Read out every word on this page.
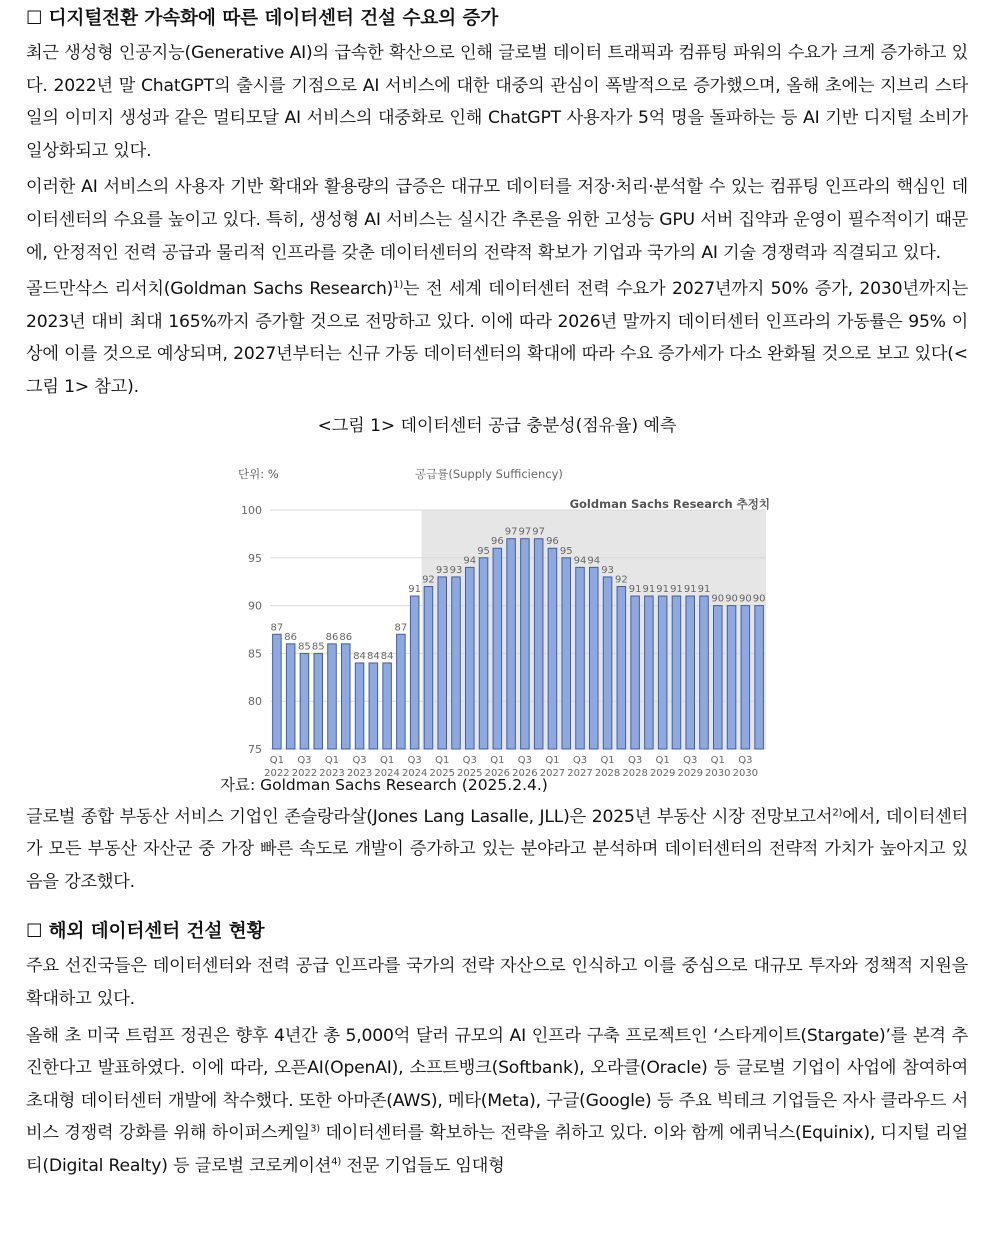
☐ 디지털전환 가속화에 따른 데이터센터 건설 수요의 증가

최근 생성형 인공지능(Generative AI)의 급속한 확산으로 인해 글로벌 데이터 트래픽과 컴퓨팅 파워의 수요가 크게 증가하고 있다. 2022년 말 ChatGPT의 출시를 기점으로 AI 서비스에 대한 대중의 관심이 폭발적으로 증가했으며, 올해 초에는 지브리 스타일의 이미지 생성과 같은 멀티모달 AI 서비스의 대중화로 인해 ChatGPT 사용자가 5억 명을 돌파하는 등 AI 기반 디지털 소비가 일상화되고 있다.

이러한 AI 서비스의 사용자 기반 확대와 활용량의 급증은 대규모 데이터를 저장·처리·분석할 수 있는 컴퓨팅 인프라의 핵심인 데이터센터의 수요를 높이고 있다. 특히, 생성형 AI 서비스는 실시간 추론을 위한 고성능 GPU 서버 집약과 운영이 필수적이기 때문에, 안정적인 전력 공급과 물리적 인프라를 갖춘 데이터센터의 전략적 확보가 기업과 국가의 AI 기술 경쟁력과 직결되고 있다.

골드만삭스 리서치(Goldman Sachs Research)$^{1)}$는 전 세계 데이터센터 전력 수요가 2027년까지 50% 증가, 2030년까지는 2023년 대비 최대 165%까지 증가할 것으로 전망하고 있다. 이에 따라 2026년 말까지 데이터센터 인프라의 가동률은 95% 이상에 이를 것으로 예상되며, 2027년부터는 신규 가동 데이터센터의 확대에 따라 수요 증가세가 다소 완화될 것으로 보고 있다(<그림 1> 참고).

<그림 1> 데이터센터 공급 충분성(점유율) 예측
87
86
85 85
86 86
84 84 84
87
91
92
93 93
94
95
96
97 97 97
96
95
94 94
93
92
91 91 91 91 91 91
90 90 90 90
Q1
2022
Q3
2022
Q1
2023
Q3
2023
Q1
2024
Q3
2024
Q1
2025
Q3
2025
Q1
2026
Q3
2026
Q1
2027
Q3
2027
Q1
2028
Q3
2028
Q1
2029
Q3
2029
Q1
2030
Q3
2030
75
80
85
90
95
100
단위: %	공급률(Supply Sufficiency)
Goldman Sachs Research 추정치
자료: Goldman Sachs Research (2025.2.4.)

글로벌 종합 부동산 서비스 기업인 존슬랑라살(Jones Lang Lasalle, JLL)은 2025년 부동산 시장 전망보고서$^{2)}$에서, 데이터센터가 모든 부동산 자산군 중 가장 빠른 속도로 개발이 증가하고 있는 분야라고 분석하며 데이터센터의 전략적 가치가 높아지고 있음을 강조했다.

☐ 해외 데이터센터 건설 현황

주요 선진국들은 데이터센터와 전력 공급 인프라를 국가의 전략 자산으로 인식하고 이를 중심으로 대규모 투자와 정책적 지원을 확대하고 있다.

올해 초 미국 트럼프 정권은 향후 4년간 총 5,000억 달러 규모의 AI 인프라 구축 프로젝트인 ‘스타게이트(Stargate)’를 본격 추진한다고 발표하였다. 이에 따라, 오픈AI(OpenAI), 소프트뱅크(Softbank), 오라클(Oracle) 등 글로벌 기업이 사업에 참여하여 초대형 데이터센터 개발에 착수했다. 또한 아마존(AWS), 메타(Meta), 구글(Google) 등 주요 빅테크 기업들은 자사 클라우드 서비스 경쟁력 강화를 위해 하이퍼스케일$^{3)}$ 데이터센터를 확보하는 전략을 취하고 있다. 이와 함께 에퀴닉스(Equinix), 디지털 리얼티(Digital Realty) 등 글로벌 코로케이션$^{4)}$ 전문 기업들도 임대형
